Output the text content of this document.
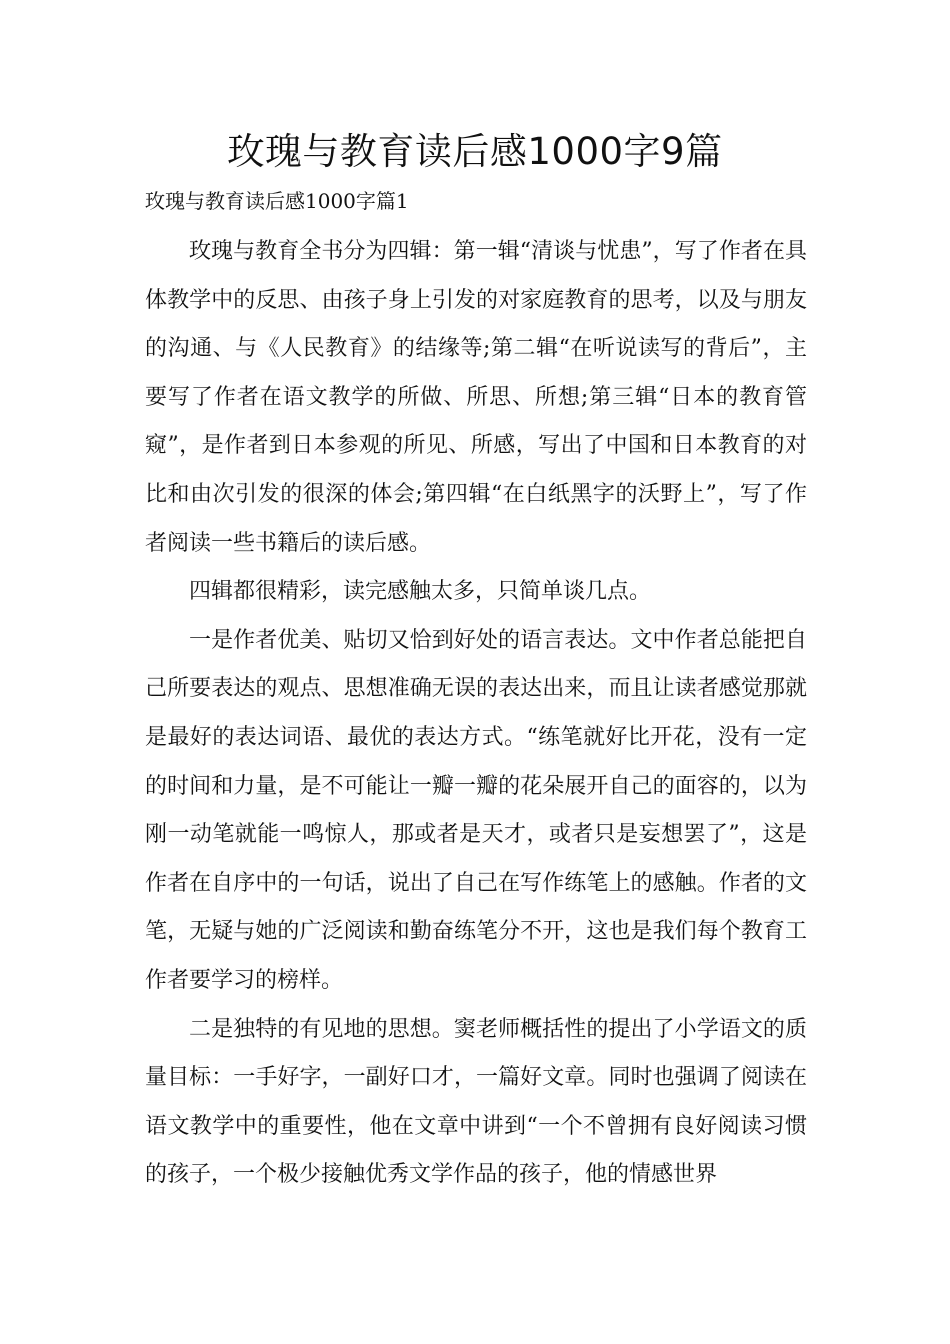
玫瑰与教育读后感1000字9篇
玫瑰与教育读后感1000字篇1

玫瑰与教育全书分为四辑：第一辑“清谈与忧患”，写了作者在具体教学中的反思、由孩子身上引发的对家庭教育的思考，以及与朋友的沟通、与《人民教育》的结缘等;第二辑“在听说读写的背后”，主要写了作者在语文教学的所做、所思、所想;第三辑“日本的教育管窥”，是作者到日本参观的所见、所感，写出了中国和日本教育的对比和由次引发的很深的体会;第四辑“在白纸黑字的沃野上”，写了作者阅读一些书籍后的读后感。

四辑都很精彩，读完感触太多，只简单谈几点。

一是作者优美、贴切又恰到好处的语言表达。文中作者总能把自己所要表达的观点、思想准确无误的表达出来，而且让读者感觉那就是最好的表达词语、最优的表达方式。“练笔就好比开花，没有一定的时间和力量，是不可能让一瓣一瓣的花朵展开自己的面容的，以为刚一动笔就能一鸣惊人，那或者是天才，或者只是妄想罢了”，这是作者在自序中的一句话，说出了自己在写作练笔上的感触。作者的文笔，无疑与她的广泛阅读和勤奋练笔分不开，这也是我们每个教育工作者要学习的榜样。

二是独特的有见地的思想。窦老师概括性的提出了小学语文的质量目标：一手好字，一副好口才，一篇好文章。同时也强调了阅读在语文教学中的重要性，他在文章中讲到“一个不曾拥有良好阅读习惯的孩子，一个极少接触优秀文学作品的孩子，他的情感世界
